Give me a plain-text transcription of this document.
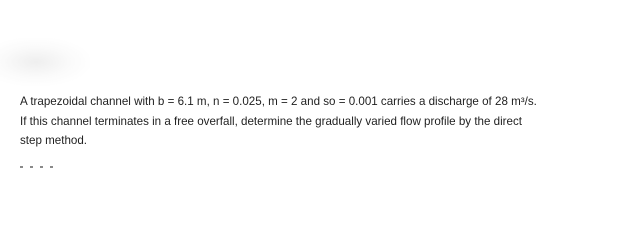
A trapezoidal channel with b = 6.1 m, n = 0.025, m = 2 and so = 0.001 carries a discharge of 28 m³/s.
If this channel terminates in a free overfall, determine the gradually varied flow profile by the direct
step method.
